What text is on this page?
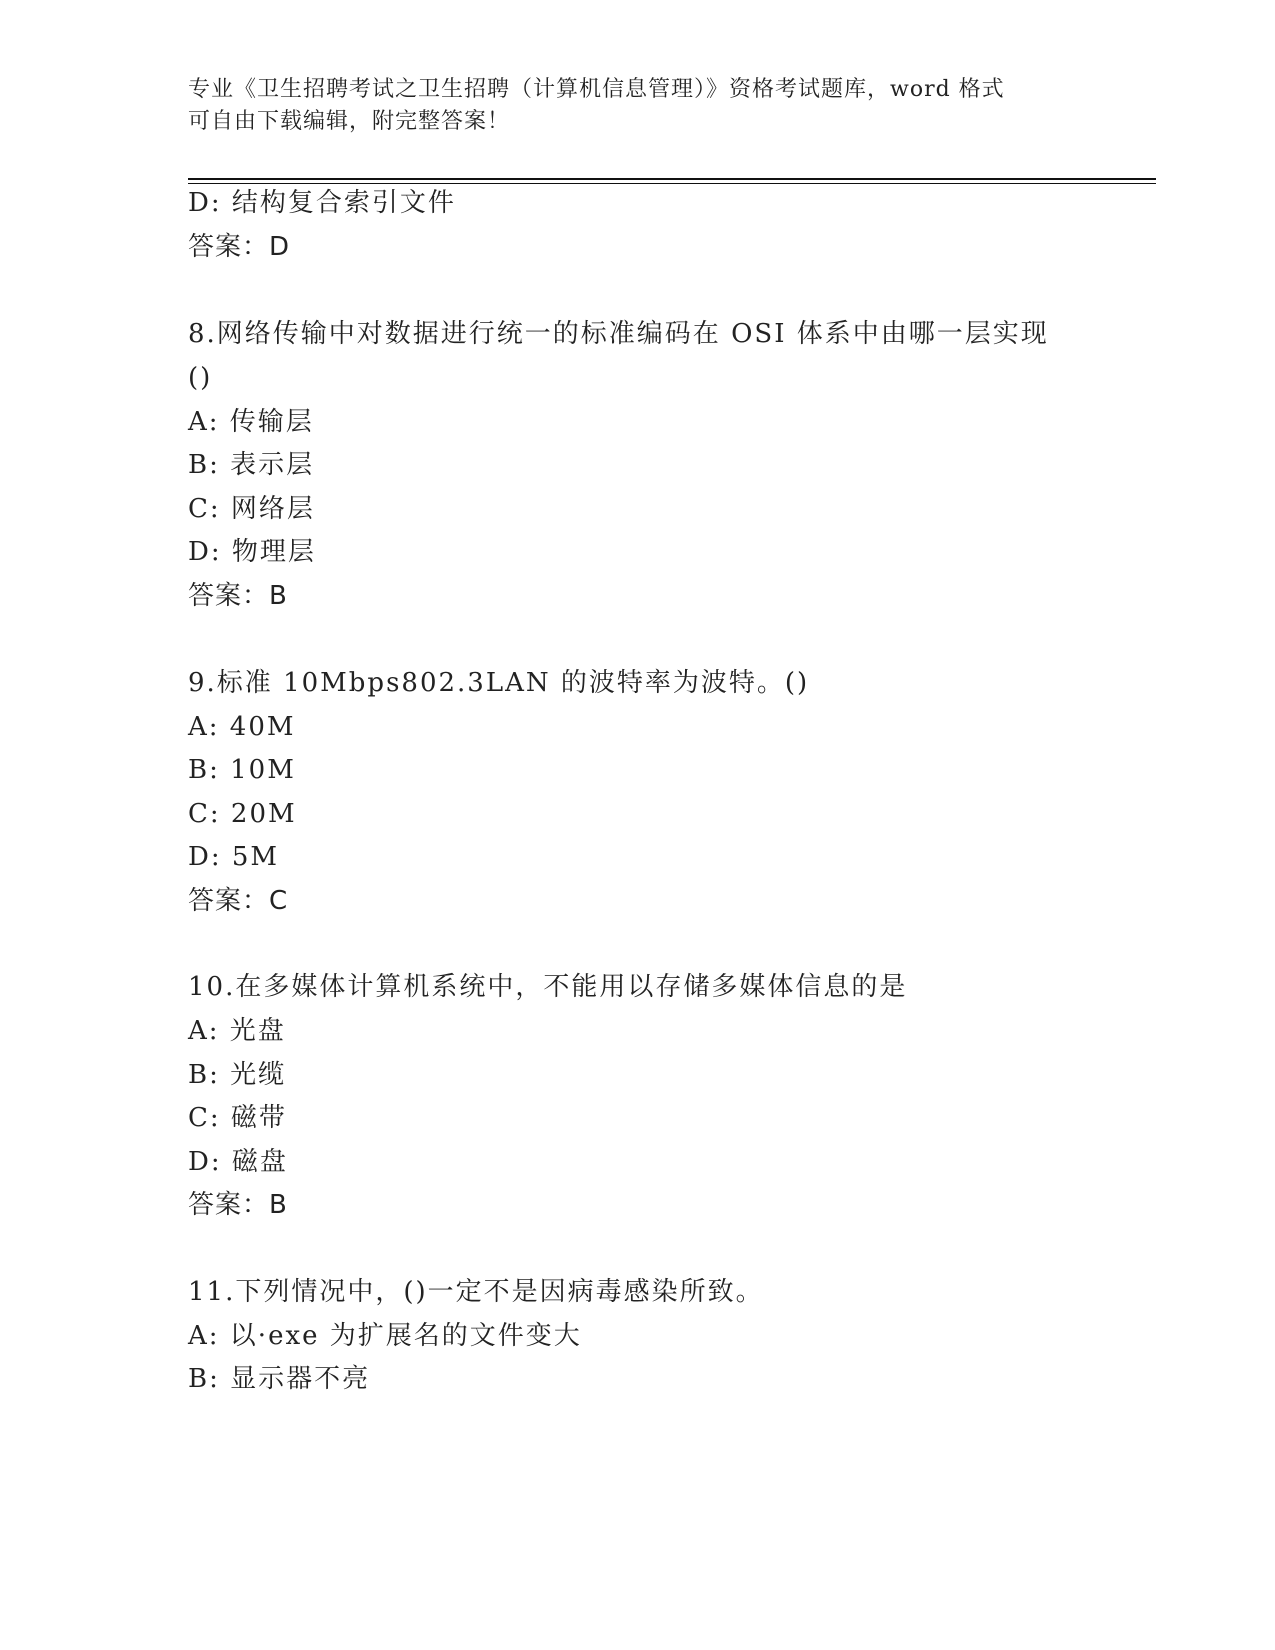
专业《卫生招聘考试之卫生招聘（计算机信息管理）》资格考试题库，word 格式
可自由下载编辑，附完整答案！
D: 结构复合索引文件
答案：D
8.网络传输中对数据进行统一的标准编码在 OSI 体系中由哪一层实现
()
A: 传输层
B: 表示层
C: 网络层
D: 物理层
答案：B
9.标准 10Mbps802.3LAN 的波特率为波特。()
A: 40M
B: 10M
C: 20M
D: 5M
答案：C
10.在多媒体计算机系统中，不能用以存储多媒体信息的是
A: 光盘
B: 光缆
C: 磁带
D: 磁盘
答案：B
11.下列情况中，()一定不是因病毒感染所致。
A: 以·exe 为扩展名的文件变大
B: 显示器不亮
